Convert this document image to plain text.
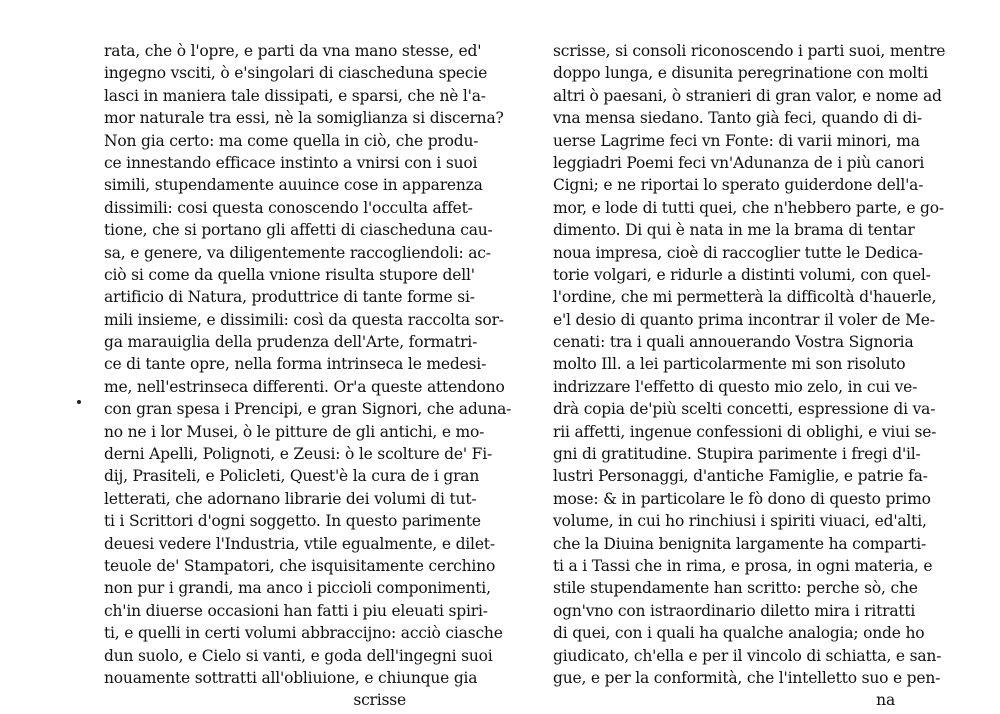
rata, che ò l'opre, e parti da vna mano stesse, ed'
ingegno vsciti, ò e'singolari di ciascheduna specie
lasci in maniera tale dissipati, e sparsi, che nè l'a-
mor naturale tra essi, nè la somiglianza si discerna?
Non gia certo: ma come quella in ciò, che produ-
ce innestando efficace instinto a vnirsi con i suoi
simili, stupendamente auuince cose in apparenza
dissimili: cosi questa conoscendo l'occulta affet-
tione, che si portano gli affetti di ciascheduna cau-
sa, e genere, va diligentemente raccogliendoli: ac-
ciò si come da quella vnione risulta stupore dell'
artificio di Natura, produttrice di tante forme si-
mili insieme, e dissimili: così da questa raccolta sor-
ga marauiglia della prudenza dell'Arte, formatri-
ce di tante opre, nella forma intrinseca le medesi-
me, nell'estrinseca differenti. Or'a queste attendono
con gran spesa i Prencipi, e gran Signori, che aduna-
no ne i lor Musei, ò le pitture de gli antichi, e mo-
derni Apelli, Polignoti, e Zeusi: ò le scolture de' Fi-
dij, Prasiteli, e Policleti, Quest'è la cura de i gran
letterati, che adornano librarie dei volumi di tut-
ti i Scrittori d'ogni soggetto. In questo parimente
deuesi vedere l'Industria, vtile egualmente, e dilet-
teuole de' Stampatori, che isquisitamente cerchino
non pur i grandi, ma anco i piccioli componimenti,
ch'in diuerse occasioni han fatti i piu eleuati spiri-
ti, e quelli in certi volumi abbraccijno: acciò ciasche
dun suolo, e Cielo si vanti, e goda dell'ingegni suoi
nouamente sottratti all'obliuione, e chiunque gia
scrisse
scrisse, si consoli riconoscendo i parti suoi, mentre
doppo lunga, e disunita peregrinatione con molti
altri ò paesani, ò stranieri di gran valor, e nome ad
vna mensa siedano. Tanto già feci, quando di di-
uerse Lagrime feci vn Fonte: di varii minori, ma
leggiadri Poemi feci vn'Adunanza de i più canori
Cigni; e ne riportai lo sperato guiderdone dell'a-
mor, e lode di tutti quei, che n'hebbero parte, e go-
dimento. Di qui è nata in me la brama di tentar
noua impresa, cioè di raccoglier tutte le Dedica-
torie volgari, e ridurle a distinti volumi, con quel-
l'ordine, che mi permetterà la difficoltà d'hauerle,
e'l desio di quanto prima incontrar il voler de Me-
cenati: tra i quali annouerando Vostra Signoria
molto Ill. a lei particolarmente mi son risoluto
indrizzare l'effetto di questo mio zelo, in cui ve-
drà copia de'più scelti concetti, espressione di va-
rii affetti, ingenue confessioni di oblighi, e viui se-
gni di gratitudine. Stupira parimente i fregi d'il-
lustri Personaggi, d'antiche Famiglie, e patrie fa-
mose: & in particolare le fò dono di questo primo
volume, in cui ho rinchiusi i spiriti viuaci, ed'alti,
che la Diuina benignita largamente ha comparti-
ti a i Tassi che in rima, e prosa, in ogni materia, e
stile stupendamente han scritto: perche sò, che
ogn'vno con istraordinario diletto mira i ritratti
di quei, con i quali ha qualche analogia; onde ho
giudicato, ch'ella e per il vincolo di schiatta, e san-
gue, e per la conformità, che l'intelletto suo e pen-
na
